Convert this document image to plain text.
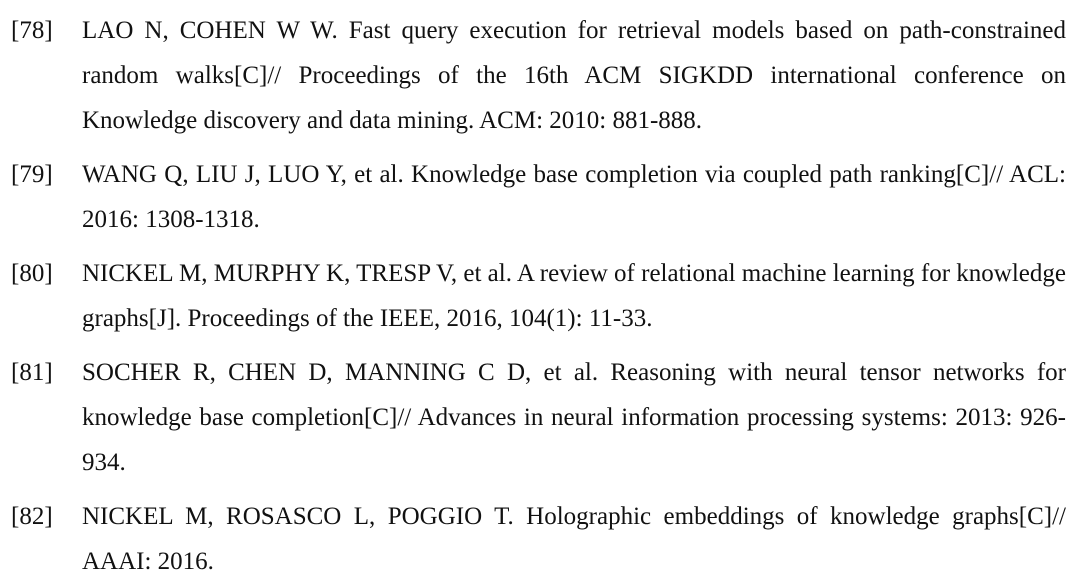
[78] LAO N, COHEN W W. Fast query execution for retrieval models based on path-constrained random walks[C]// Proceedings of the 16th ACM SIGKDD international conference on Knowledge discovery and data mining. ACM: 2010: 881-888.
[79] WANG Q, LIU J, LUO Y, et al. Knowledge base completion via coupled path ranking[C]// ACL: 2016: 1308-1318.
[80] NICKEL M, MURPHY K, TRESP V, et al. A review of relational machine learning for knowledge graphs[J]. Proceedings of the IEEE, 2016, 104(1): 11-33.
[81] SOCHER R, CHEN D, MANNING C D, et al. Reasoning with neural tensor networks for knowledge base completion[C]// Advances in neural information processing systems: 2013: 926-934.
[82] NICKEL M, ROSASCO L, POGGIO T. Holographic embeddings of knowledge graphs[C]// AAAI: 2016.
